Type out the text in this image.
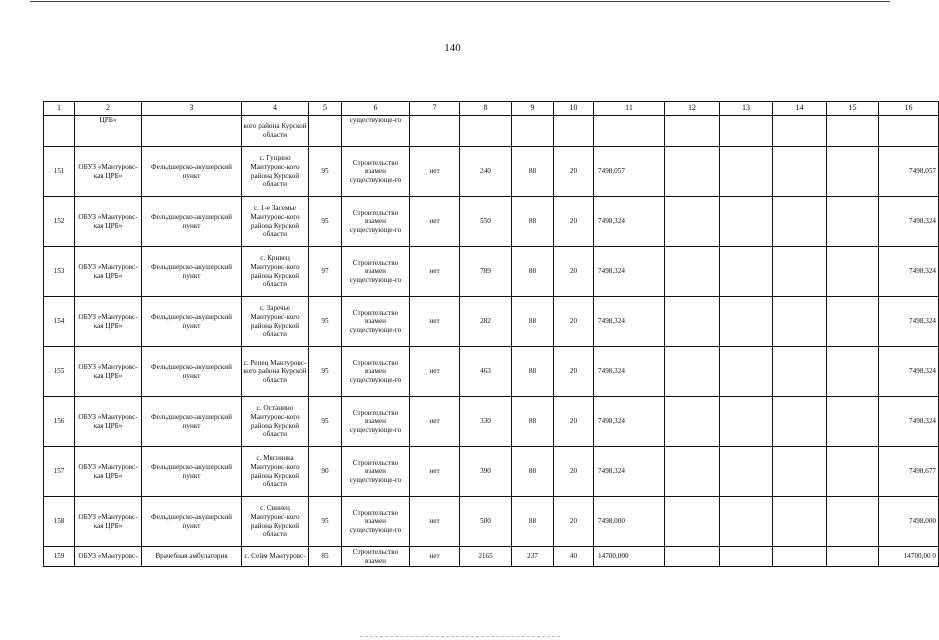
140
1	2	3	4	5	6	7	8	9	10	11	12	13	14	15	16
	ЦРБ»		кого района Курской области		существующе-го										
151	ОБУЗ «Мантуровс-кая ЦРБ»	Фельдшерско-акушерский пункт	с. Гущино Мантуровс-кого района Курской области	95	Строительство взамен существующе-го	нет	240	88	20	7498,057					7498,057
152	ОБУЗ «Мантуровс-кая ЦРБ»	Фельдшерско-акушерский пункт	с. 1-е Засемье Мантуровс-кого района Курской области	95	Строительство взамен существующе-го	нет	550	88	20	7498,324					7498,324
153	ОБУЗ «Мантуровс-кая ЦРБ»	Фельдшерско-акушерский пункт	с. Кривец Мантуровс-кого района Курской области	97	Строительство взамен существующе-го	нет	789	88	20	7498,324					7498,324
154	ОБУЗ «Мантуровс-кая ЦРБ»	Фельдшерско-акушерский пункт	с. Заречье Мантуровс-кого района Курской области	95	Строительство взамен существующе-го	нет	282	88	20	7498,324					7498,324
155	ОБУЗ «Мантуровс-кая ЦРБ»	Фельдшерско-акушерский пункт	с. Репец Мантуровс-кого района Курской области	95	Строительство взамен существующе-го	нет	463	88	20	7498,324					7498,324
156	ОБУЗ «Мантуровс-кая ЦРБ»	Фельдшерско-акушерский пункт	с. Останино Мантуровс-кого района Курской области	95	Строительство взамен существующе-го	нет	330	88	20	7498,324					7498,324
157	ОБУЗ «Мантуровс-кая ЦРБ»	Фельдшерско-акушерский пункт	с. Мяснянка Мантуровс-кого района Курской области	90	Строительство взамен существующе-го	нет	390	88	20	7498,324					7498,677
158	ОБУЗ «Мантуровс-кая ЦРБ»	Фельдшерско-акушерский пункт	с. Свинец Мантуровс-кого района Курской области	95	Строительство взамен существующе-го	нет	500	88	20	7498,000					7498,000
159	ОБУЗ «Мантуровс-	Врачебная амбулатория	с. Сейм Мантуровс-	85	Строительство взамен	нет	2165	237	40	14700,000					14700,00 0
